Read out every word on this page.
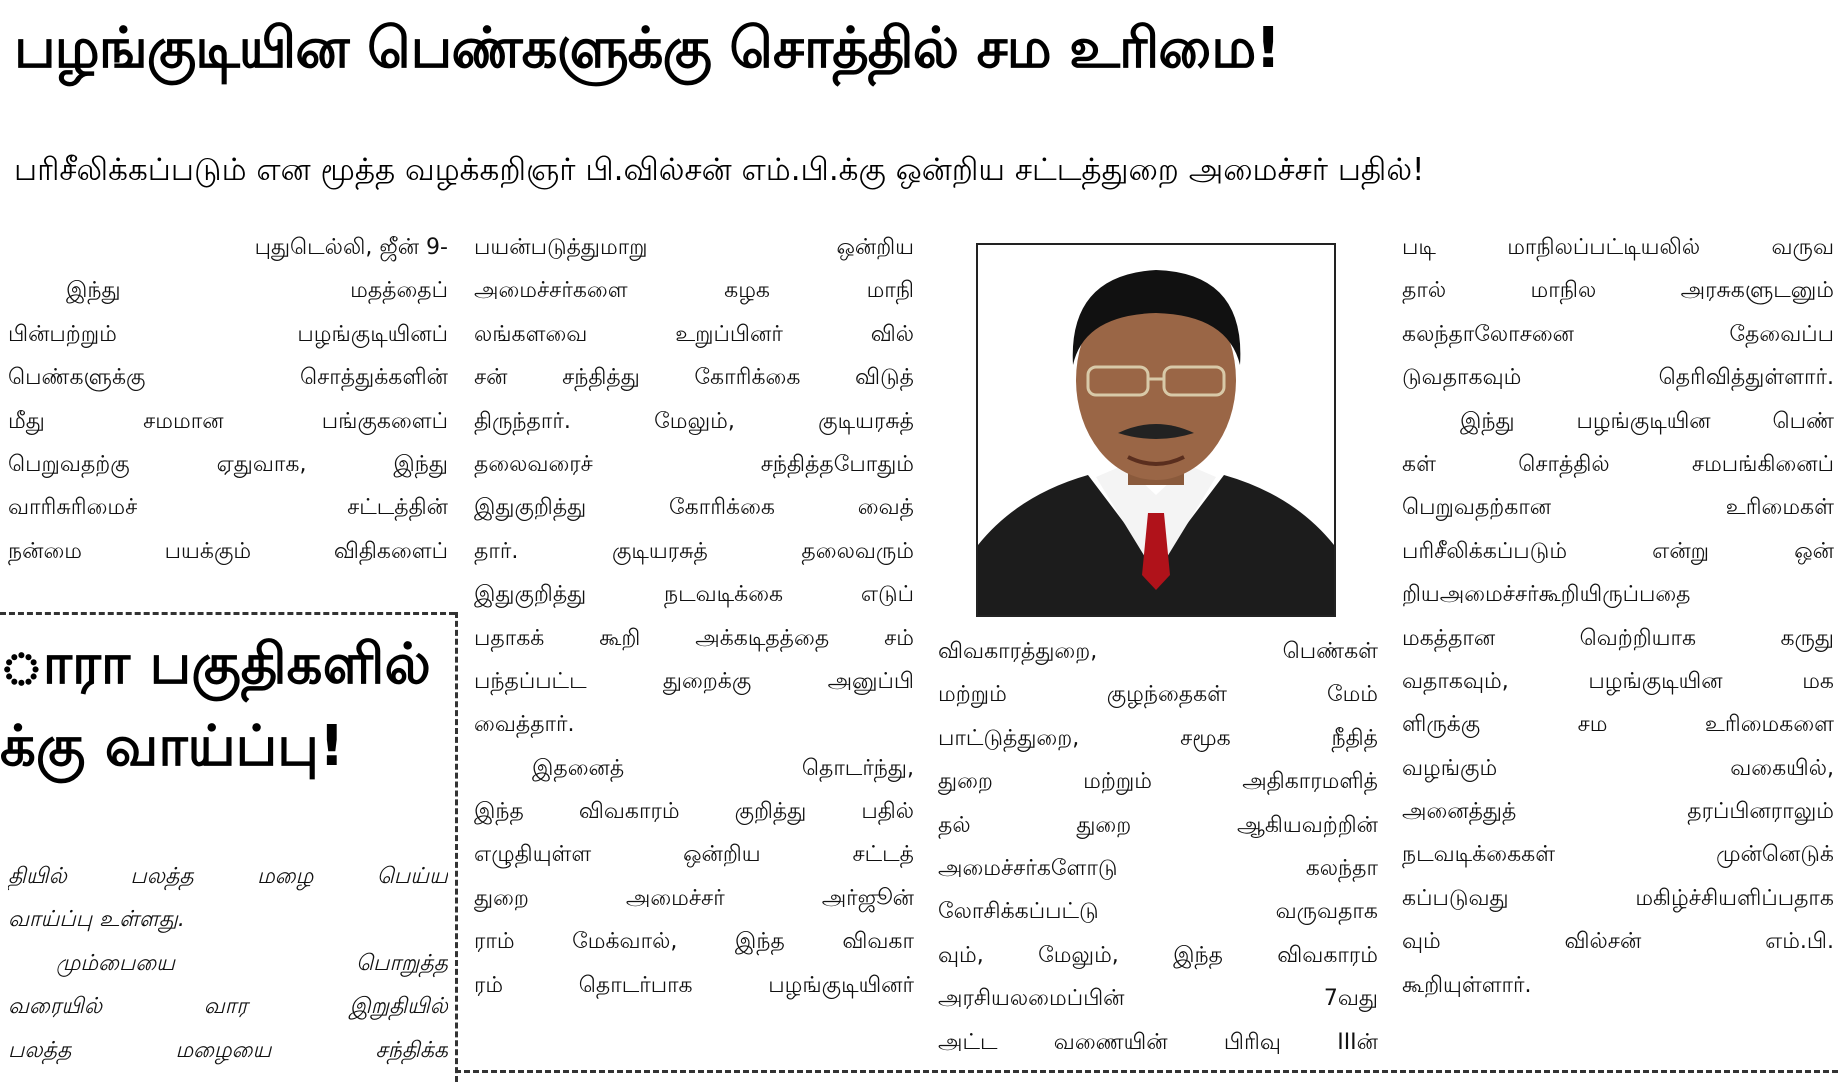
பழங்குடியின பெண்களுக்கு சொத்தில் சம உரிமை!
பரிசீலிக்கப்படும் என மூத்த வழக்கறிஞர் பி.வில்சன் எம்.பி.க்கு ஒன்றிய சட்டத்துறை அமைச்சர் பதில்!
புதுடெல்லி, ஜீன் 9-
இந்து மதத்தைப்
பின்பற்றும் பழங்குடியினப்
பெண்களுக்கு சொத்துக்களின்
மீது சமமான பங்குகளைப்
பெறுவதற்கு ஏதுவாக, இந்து
வாரிசுரிமைச் சட்டத்தின்
நன்மை பயக்கும் விதிகளைப்
பயன்படுத்துமாறு ஒன்றிய
அமைச்சர்களை கழக மாநி
லங்களவை உறுப்பினர் வில்
சன் சந்தித்து கோரிக்கை விடுத்
திருந்தார். மேலும், குடியரசுத்
தலைவரைச் சந்தித்தபோதும்
இதுகுறித்து கோரிக்கை வைத்
தார். குடியரசுத் தலைவரும்
இதுகுறித்து நடவடிக்கை எடுப்
பதாகக் கூறி அக்கடிதத்தை சம்
பந்தப்பட்ட துறைக்கு அனுப்பி
வைத்தார்.
இதனைத் தொடர்ந்து,
இந்த விவகாரம் குறித்து பதில்
எழுதியுள்ள ஒன்றிய சட்டத்
துறை அமைச்சர் அர்ஜூன்
ராம் மேக்வால், இந்த விவகா
ரம் தொடர்பாக பழங்குடியினர்
விவகாரத்துறை, பெண்கள்
மற்றும் குழந்தைகள் மேம்
பாட்டுத்துறை, சமூக நீதித்
துறை மற்றும் அதிகாரமளித்
தல் துறை ஆகியவற்றின்
அமைச்சர்களோடு கலந்தா
லோசிக்கப்பட்டு வருவதாக
வும், மேலும், இந்த விவகாரம்
அரசியலமைப்பின் 7வது
அட்ட வணையின் பிரிவு IIIன்
படி மாநிலப்பட்டியலில் வருவ
தால் மாநில அரசுகளுடனும்
கலந்தாலோசனை தேவைப்ப
டுவதாகவும் தெரிவித்துள்ளார்.
இந்து பழங்குடியின பெண்
கள் சொத்தில் சமபங்கினைப்
பெறுவதற்கான உரிமைகள்
பரிசீலிக்கப்படும் என்று ஒன்
றியஅமைச்சர்கூறியிருப்பதை
மகத்தான வெற்றியாக கருது
வதாகவும், பழங்குடியின மக
ளிருக்கு சம உரிமைகளை
வழங்கும் வகையில்,
அனைத்துத் தரப்பினராலும்
நடவடிக்கைகள் முன்னெடுக்
கப்படுவது மகிழ்ச்சியளிப்பதாக
வும் வில்சன் எம்.பி.
கூறியுள்ளார்.
ாரா பகுதிகளில்
க்கு வாய்ப்பு!
தியில் பலத்த மழை பெய்ய
வாய்ப்பு உள்ளது.
மும்பையை பொறுத்த
வரையில் வார இறுதியில்
பலத்த மழையை சந்திக்க
